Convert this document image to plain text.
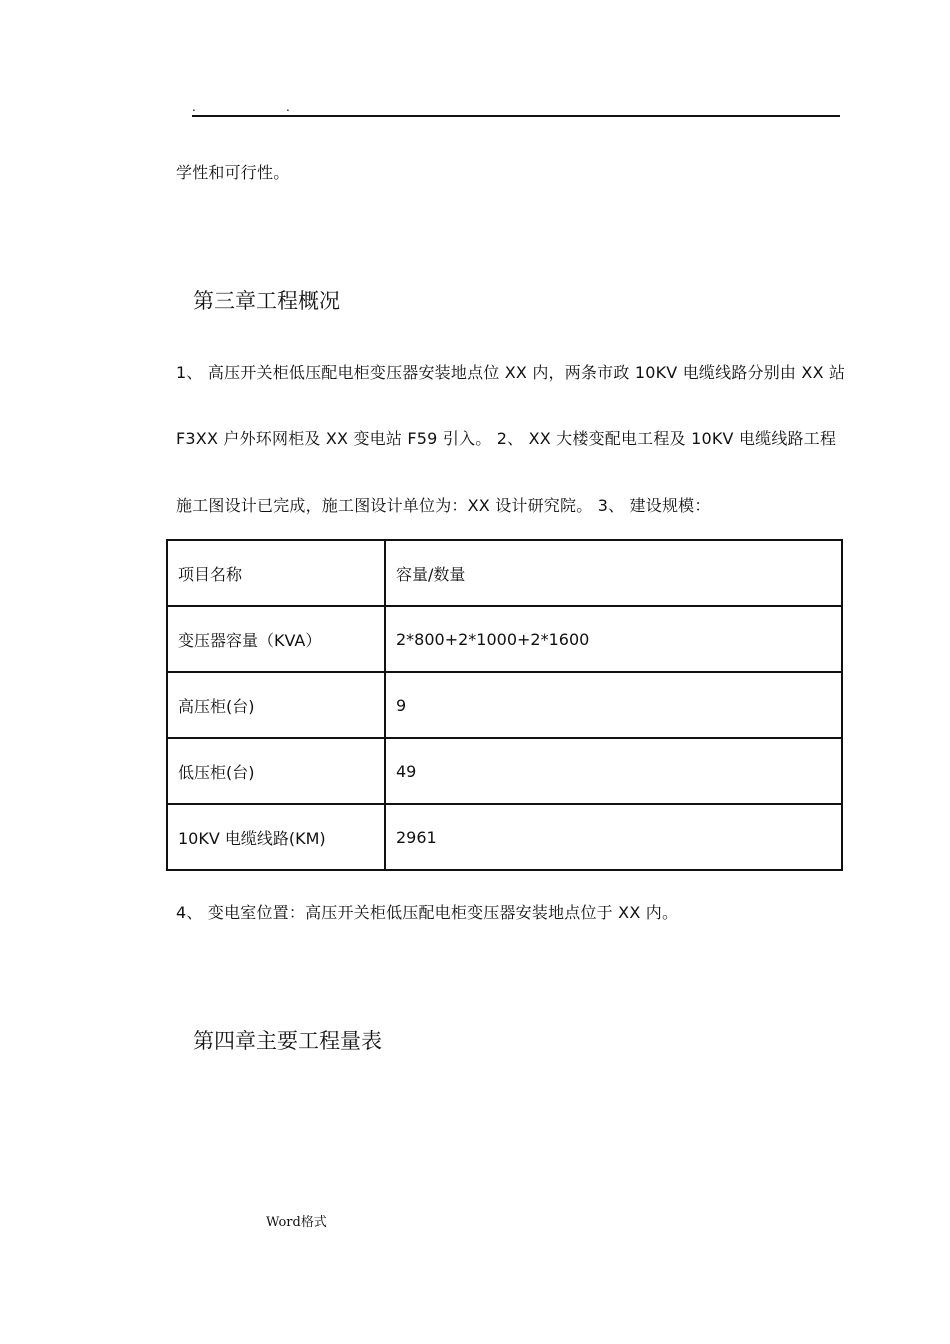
.	.
学性和可行性。
第三章工程概况
1、 高压开关柜低压配电柜变压器安装地点位 XX 内，两条市政 10KV 电缆线路分别由 XX 站
F3XX 户外环网柜及 XX 变电站 F59 引入。 2、 XX 大楼变配电工程及 10KV 电缆线路工程
施工图设计已完成，施工图设计单位为：XX 设计研究院。 3、 建设规模：
项目名称	容量/数量
变压器容量（KVA）	2*800+2*1000+2*1600
高压柜(台)	9
低压柜(台)	49
10KV 电缆线路(KM)	2961
4、 变电室位置：高压开关柜低压配电柜变压器安装地点位于 XX 内。
第四章主要工程量表
Word格式
